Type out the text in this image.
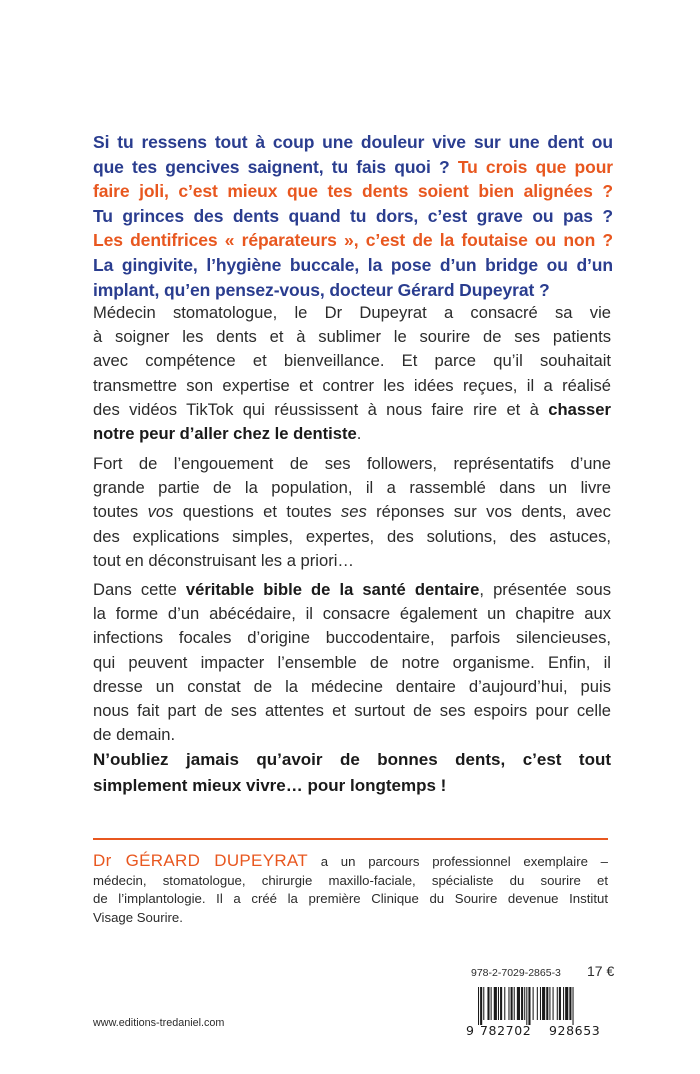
Si tu ressens tout à coup une douleur vive sur une dent ou
que tes gencives saignent, tu fais quoi ? Tu crois que pour
faire joli, c’est mieux que tes dents soient bien alignées ?
Tu grinces des dents quand tu dors, c’est grave ou pas ?
Les dentifrices « réparateurs », c’est de la foutaise ou non ?
La gingivite, l’hygiène buccale, la pose d’un bridge ou d’un
implant, qu’en pensez-vous, docteur Gérard Dupeyrat ?
Médecin stomatologue, le Dr Dupeyrat a consacré sa vie
à soigner les dents et à sublimer le sourire de ses patients
avec compétence et bienveillance. Et parce qu’il souhaitait
transmettre son expertise et contrer les idées reçues, il a réalisé
des vidéos TikTok qui réussissent à nous faire rire et à chasser
notre peur d’aller chez le dentiste.
Fort de l’engouement de ses followers, représentatifs d’une
grande partie de la population, il a rassemblé dans un livre
toutes vos questions et toutes ses réponses sur vos dents, avec
des explications simples, expertes, des solutions, des astuces,
tout en déconstruisant les a priori…
Dans cette véritable bible de la santé dentaire, présentée sous
la forme d’un abécédaire, il consacre également un chapitre aux
infections focales d’origine buccodentaire, parfois silencieuses,
qui peuvent impacter l’ensemble de notre organisme. Enfin, il
dresse un constat de la médecine dentaire d’aujourd’hui, puis
nous fait part de ses attentes et surtout de ses espoirs pour celle
de demain.
N’oubliez jamais qu’avoir de bonnes dents, c’est tout
simplement mieux vivre… pour longtemps !
Dr GÉRARD DUPEYRAT a un parcours professionnel exemplaire –
médecin, stomatologue, chirurgie maxillo-faciale, spécialiste du sourire et
de l’implantologie. Il a créé la première Clinique du Sourire devenue Institut
Visage Sourire.
978-2-7029-2865-3 17 €
9 782702 928653
www.editions-tredaniel.com
